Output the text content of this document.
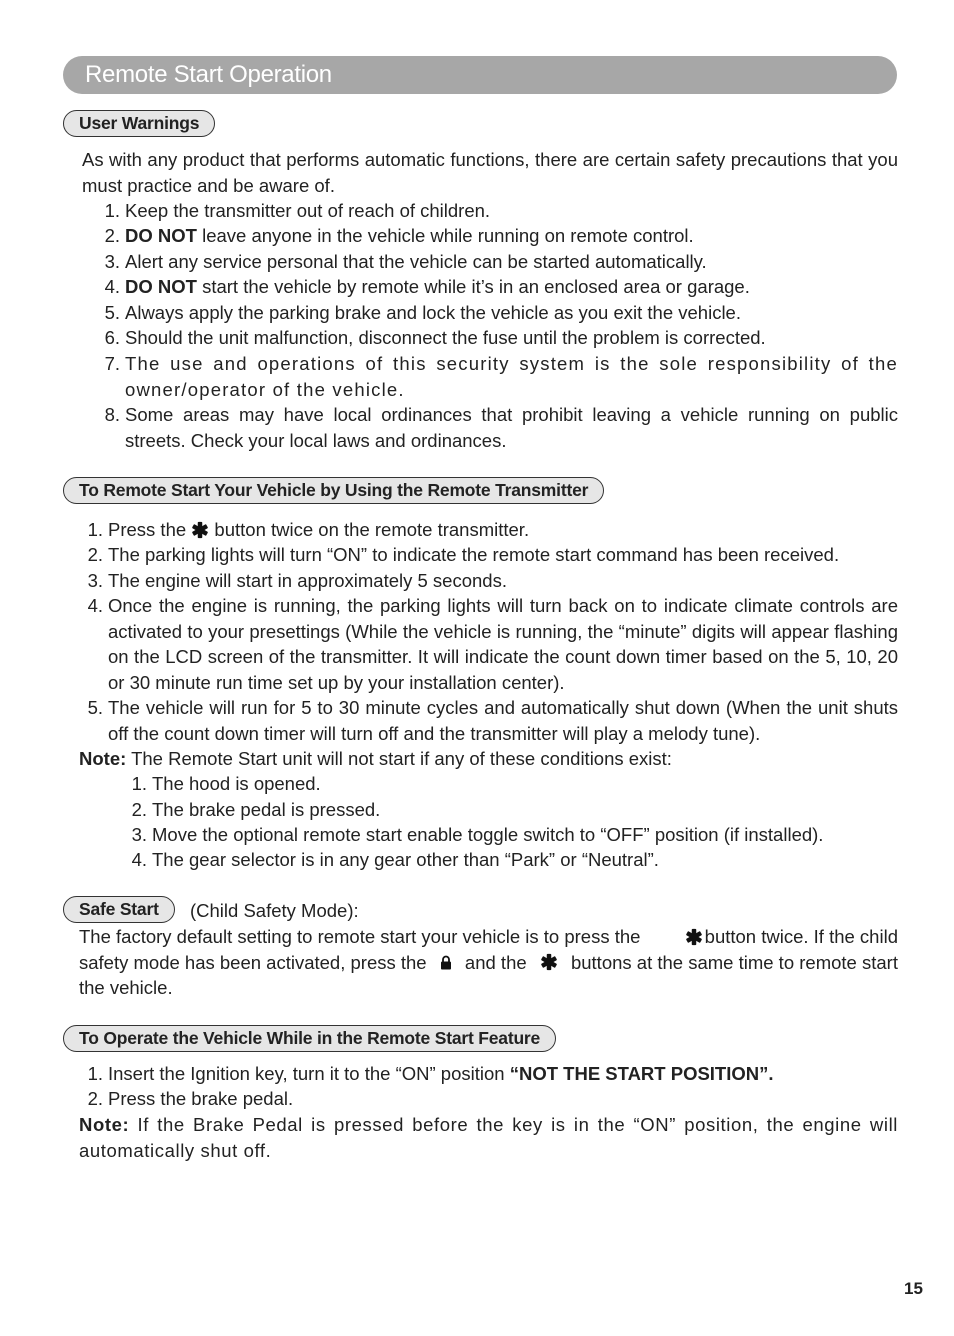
Remote Start Operation
User Warnings

As with any product that performs automatic functions, there are certain safety precautions that you must practice and be aware of.

1. Keep the transmitter out of reach of children.
2. DO NOT leave anyone in the vehicle while running on remote control.
3. Alert any service personal that the vehicle can be started automatically.
4. DO NOT start the vehicle by remote while it’s in an enclosed area or garage.
5. Always apply the parking brake and lock the vehicle as you exit the vehicle.
6. Should the unit malfunction, disconnect the fuse until the problem is corrected.
7. The use and operations of this security system is the sole responsibility of the owner/operator of the vehicle.
8. Some areas may have local ordinances that prohibit leaving a vehicle running on public streets. Check your local laws and ordinances.
To Remote Start Your Vehicle by Using the Remote Transmitter
1. Press the  button twice on the remote transmitter.
2. The parking lights will turn “ON” to indicate the remote start command has been received.
3. The engine will start in approximately 5 seconds.
4. Once the engine is running, the parking lights will turn back on to indicate climate controls are activated to your presettings (While the vehicle is running, the “minute” digits will appear flashing on the LCD screen of the transmitter. It will indicate the count down timer based on the 5, 10, 20 or 30 minute run time set up by your installation center).
5. The vehicle will run for 5 to 30 minute cycles and automatically shut down (When the unit shuts off the count down timer will turn off and the transmitter will play a melody tune).

Note: The Remote Start unit will not start if any of these conditions exist:

1. The hood is opened.
2. The brake pedal is pressed.
3. Move the optional remote start enable toggle switch to “OFF” position (if installed).
4. The gear selector is in any gear other than “Park” or “Neutral”.
Safe Start	(Child Safety Mode):
The factory default setting to remote start your vehicle is to press the	button twice. If the child
safety mode has been activated, press the and the buttons at the same time to remote start
the vehicle.
To Operate the Vehicle While in the Remote Start Feature
1. Insert the Ignition key, turn it to the “ON” position “NOT THE START POSITION”.
2. Press the brake pedal.

Note: If the Brake Pedal is pressed before the key is in the “ON” position, the engine will automatically shut off.

15
